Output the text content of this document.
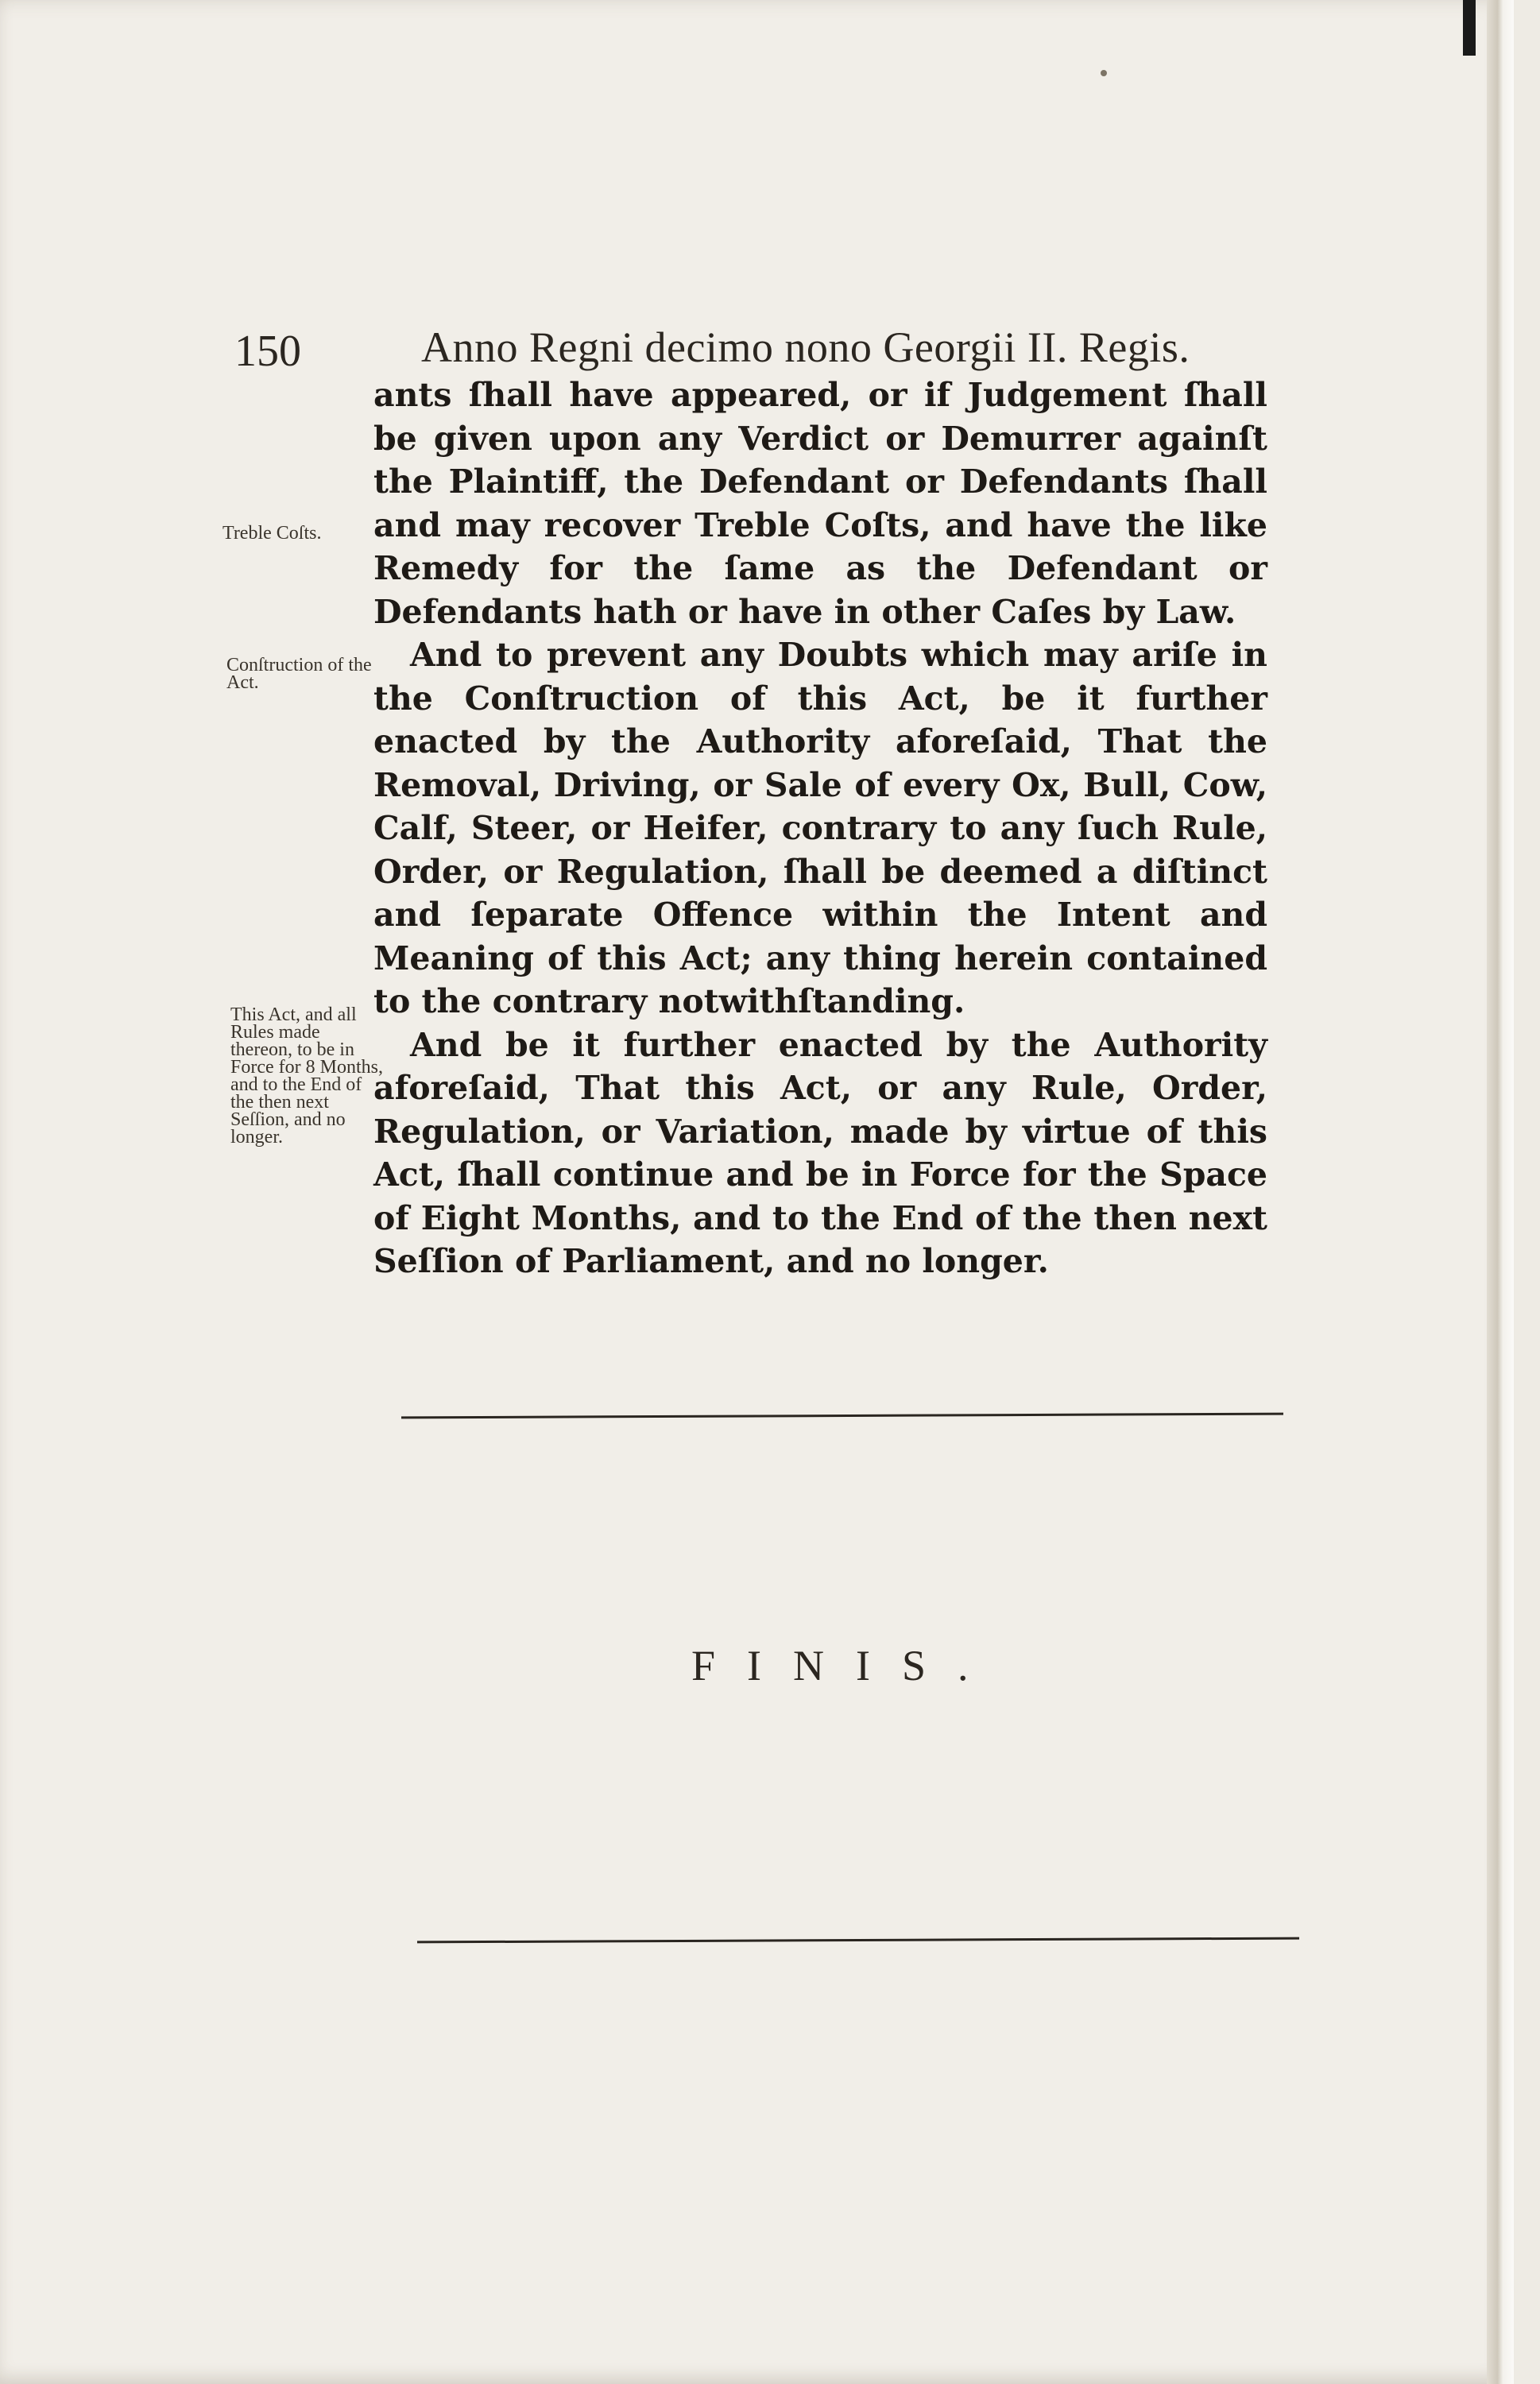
150	Anno Regni decimo nono Georgii II. Regis.
Treble Coſts.
Conſtruction of the Act.
This Act, and all Rules made thereon, to be in Force for 8 Months, and to the End of the then next Seſſion, and no longer.

ants ſhall have appeared, or if Judgement ſhall be given upon any Verdict or Demurrer againſt the Plaintiff, the Defendant or Defendants ſhall and may recover Treble Coſts, and have the like Remedy for the ſame as the Defendant or Defendants hath or have in other Caſes by Law.

And to prevent any Doubts which may ariſe in the Conſtruction of this Act, be it further enacted by the Authority aforeſaid, That the Removal, Driving, or Sale of every Ox, Bull, Cow, Calf, Steer, or Heifer, contrary to any ſuch Rule, Order, or Regulation, ſhall be deemed a diſtinct and ſeparate Offence within the Intent and Meaning of this Act; any thing herein contained to the contrary notwithſtanding.

And be it further enacted by the Authority aforeſaid, That this Act, or any Rule, Order, Regulation, or Variation, made by virtue of this Act, ſhall continue and be in Force for the Space of Eight Months, and to the End of the then next Seſſion of Parliament, and no longer.

FINIS.
